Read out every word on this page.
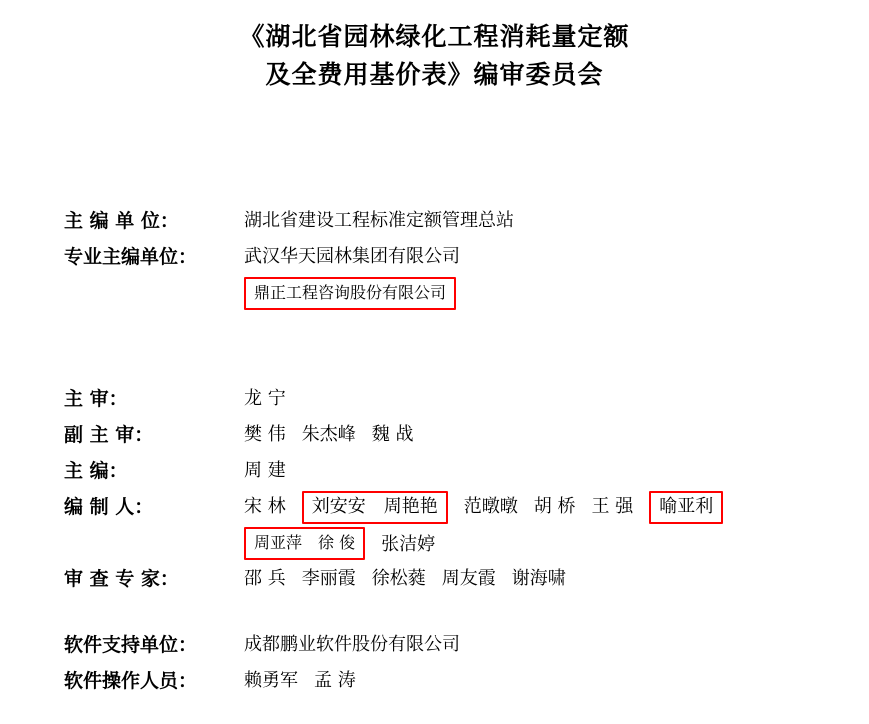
《湖北省园林绿化工程消耗量定额
及全费用基价表》编审委员会
主 编 单 位：	湖北省建设工程标准定额管理总站
专业主编单位：	武汉华天园林集团有限公司
鼎正工程咨询股份有限公司
主 审：	龙 宁
副 主 审：	樊 伟 朱杰峰 魏 战
主 编：	周 建
编 制 人：	宋 林	刘安安　周艳艳	范暾暾 胡 桥 王 强	喻亚利
周亚萍　徐 俊	张洁婷
审 查 专 家：	邵 兵 李丽霞 徐松蕤 周友霞 谢海啸
软件支持单位：	成都鹏业软件股份有限公司
软件操作人员：	赖勇军 孟 涛
